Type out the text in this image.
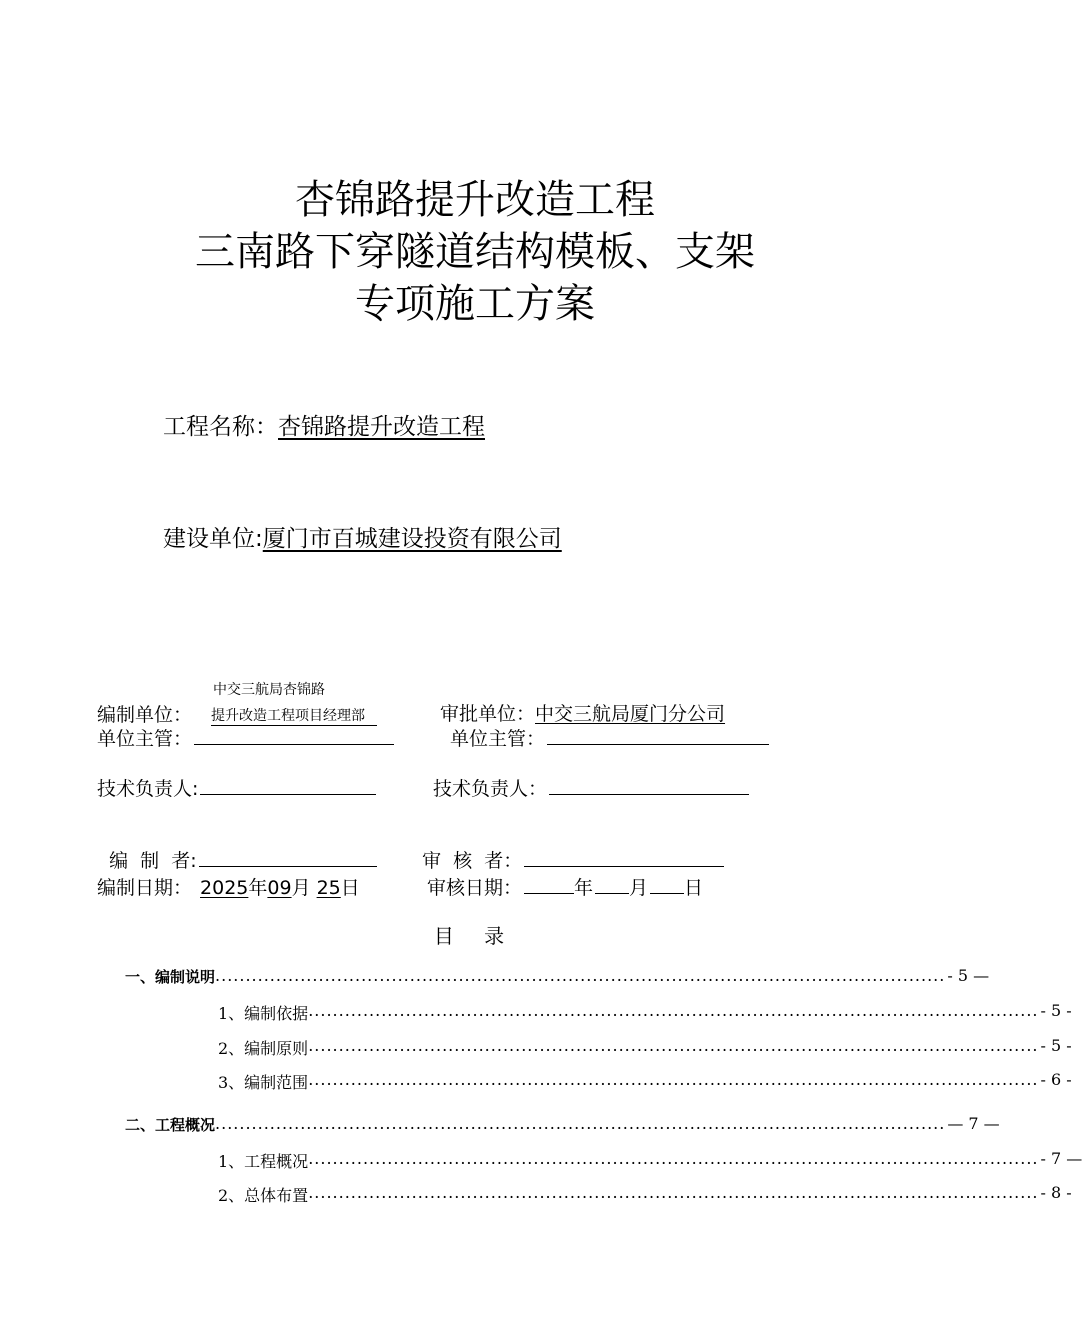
杏锦路提升改造工程
三南路下穿隧道结构模板、支架
专项施工方案
工程名称：杏锦路提升改造工程
建设单位:厦门市百城建设投资有限公司
中交三航局杏锦路
编制单位： 提升改造工程项目经理部	审批单位：中交三航局厦门分公司
单位主管：	单位主管：
技术负责人:	技术负责人：

编  制  者:	审  核  者：

编制日期： 2025年09月 25日	审核日期：	年 月 日
目 录
一、编制说明 ........................................................................................................................ - 5 —
1、编制依据 ........................................................................................................................ - 5 -
2、编制原则 ........................................................................................................................ - 5 -
3、编制范围 ........................................................................................................................ - 6 -
二、工程概况 ........................................................................................................................ — 7 —
1、工程概况 ........................................................................................................................ - 7 —
2、总体布置 ........................................................................................................................ - 8 -
